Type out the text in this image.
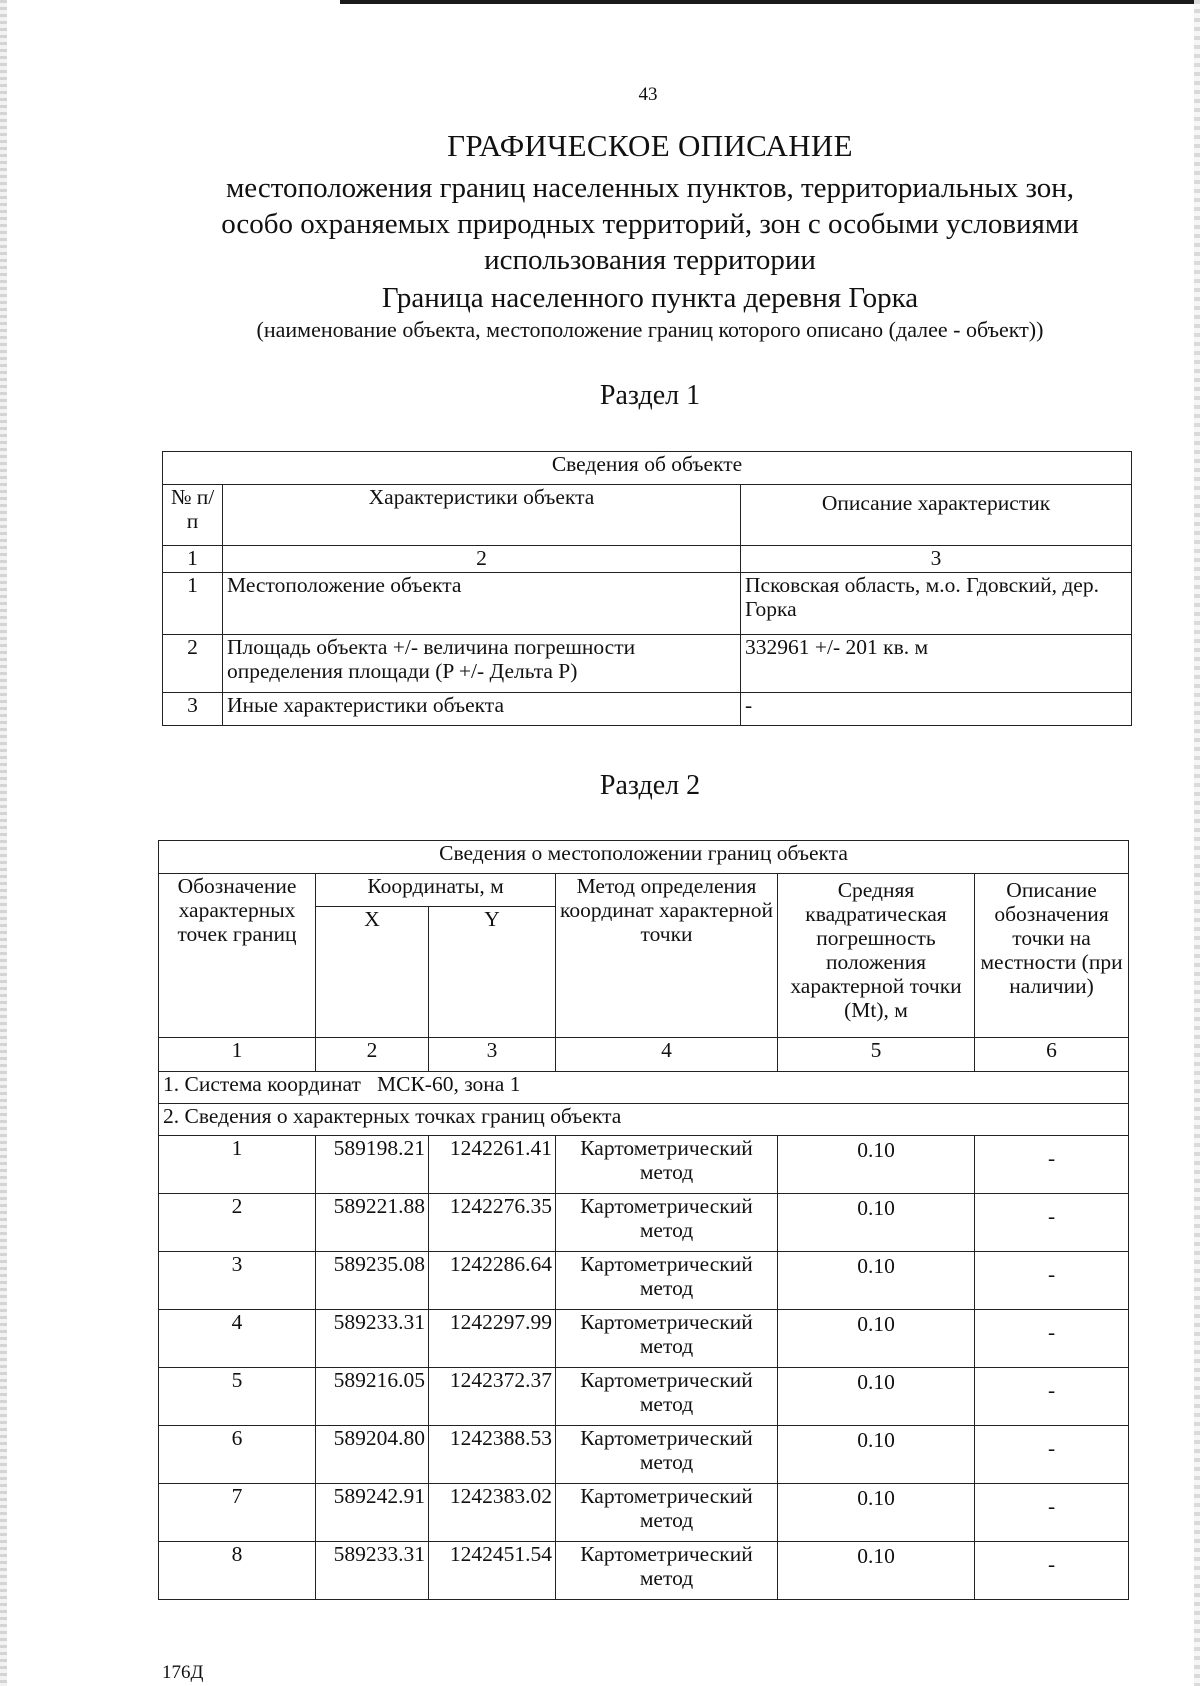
43
ГРАФИЧЕСКОЕ ОПИСАНИЕ
местоположения границ населенных пунктов, территориальных зон,
особо охраняемых природных территорий, зон с особыми условиями
использования территории
Граница населенного пункта деревня Горка
(наименование объекта, местоположение границ которого описано (далее - объект))
Раздел 1
Сведения об объекте		
№ п/п	Характеристики объекта	Описание характеристик
1	2	3
1	Местоположение объекта	Псковская область, м.о. Гдовский, дер. Горка
2	Площадь объекта +/- величина погрешности определения площади (P +/- Дельта P)	332961 +/- 201 кв. м
3	Иные характеристики объекта	-
Раздел 2
Сведения о местоположении границ объекта					
Обозначение характерных точек границ	Координаты, м		Метод определения координат характерной точки	Средняя квадратическая погрешность положения характерной точки (Mt), м	Описание обозначения точки на местности (при наличии)
	X	Y			
1	2	3	4	5	6
1. Система координат   МСК-60, зона 1					
2. Сведения о характерных точках границ объекта					
1	589198.21	1242261.41	Картометрический метод	0.10	-
2	589221.88	1242276.35	Картометрический метод	0.10	-
3	589235.08	1242286.64	Картометрический метод	0.10	-
4	589233.31	1242297.99	Картометрический метод	0.10	-
5	589216.05	1242372.37	Картометрический метод	0.10	-
6	589204.80	1242388.53	Картометрический метод	0.10	-
7	589242.91	1242383.02	Картометрический метод	0.10	-
8	589233.31	1242451.54	Картометрический метод	0.10	-
176Д
